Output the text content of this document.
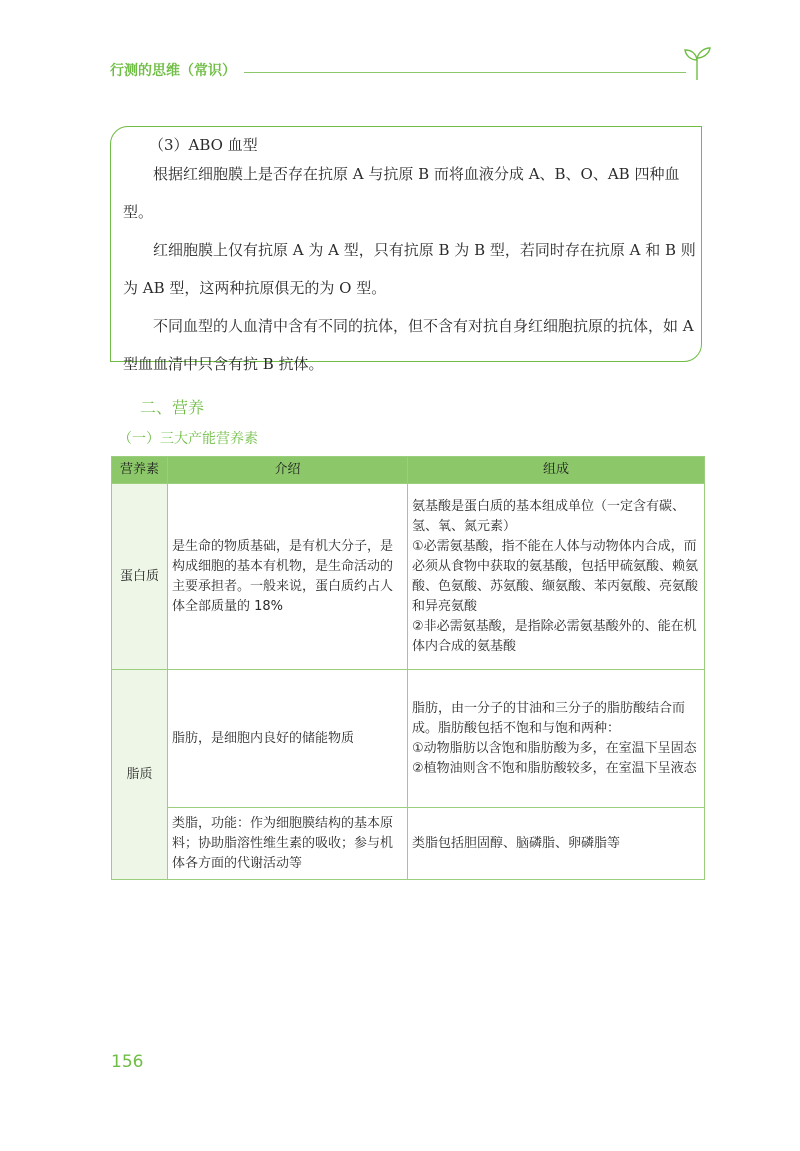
行测的思维（常识）

（3）ABO 血型

根据红细胞膜上是否存在抗原 A 与抗原 B 而将血液分成 A、B、O、AB 四种血型。

红细胞膜上仅有抗原 A 为 A 型，只有抗原 B 为 B 型，若同时存在抗原 A 和 B 则为 AB 型，这两种抗原俱无的为 O 型。

不同血型的人血清中含有不同的抗体，但不含有对抗自身红细胞抗原的抗体，如 A 型血血清中只含有抗 B 抗体。

二、营养
（一）三大产能营养素
营养素	介绍	组成
蛋白质	是生命的物质基础，是有机大分子，是构成细胞的基本有机物，是生命活动的主要承担者。一般来说，蛋白质约占人体全部质量的 18%	氨基酸是蛋白质的基本组成单位（一定含有碳、氢、氧、氮元素）
①必需氨基酸，指不能在人体与动物体内合成，而必须从食物中获取的氨基酸，包括甲硫氨酸、赖氨酸、色氨酸、苏氨酸、缬氨酸、苯丙氨酸、亮氨酸和异亮氨酸
②非必需氨基酸，是指除必需氨基酸外的、能在机体内合成的氨基酸
脂质	脂肪，是细胞内良好的储能物质	脂肪，由一分子的甘油和三分子的脂肪酸结合而成。脂肪酸包括不饱和与饱和两种：
①动物脂肪以含饱和脂肪酸为多，在室温下呈固态
②植物油则含不饱和脂肪酸较多，在室温下呈液态
	类脂，功能：作为细胞膜结构的基本原料；协助脂溶性维生素的吸收；参与机体各方面的代谢活动等	类脂包括胆固醇、脑磷脂、卵磷脂等
156
